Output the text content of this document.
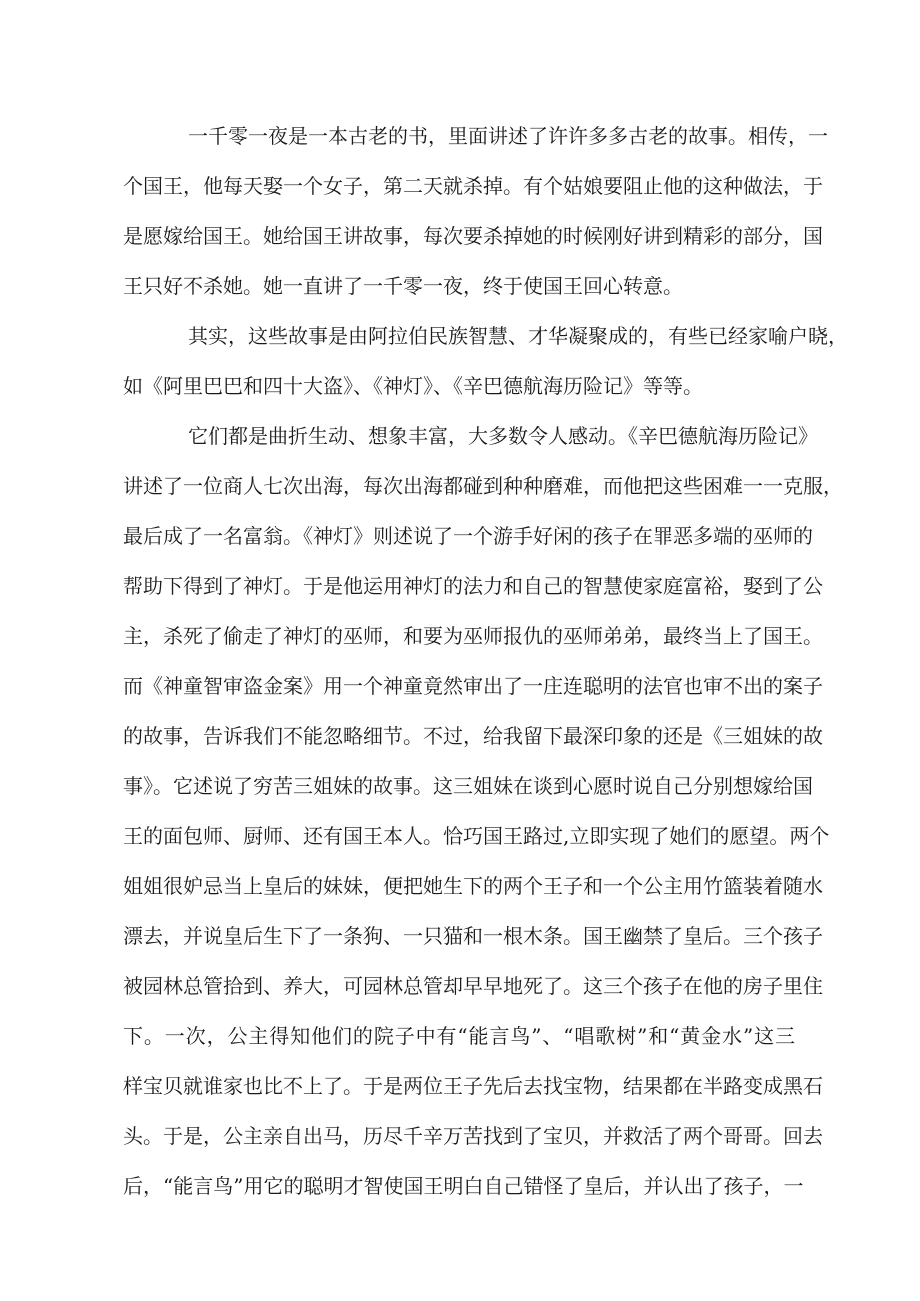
一千零一夜是一本古老的书，里面讲述了许许多多古老的故事。相传，一
个国王，他每天娶一个女子，第二天就杀掉。有个姑娘要阻止他的这种做法，于
是愿嫁给国王。她给国王讲故事，每次要杀掉她的时候刚好讲到精彩的部分，国
王只好不杀她。她一直讲了一千零一夜，终于使国王回心转意。
其实，这些故事是由阿拉伯民族智慧、才华凝聚成的，有些已经家喻户晓，
如《阿里巴巴和四十大盗》、《神灯》、《辛巴德航海历险记》等等。
它们都是曲折生动、想象丰富，大多数令人感动。《辛巴德航海历险记》
讲述了一位商人七次出海，每次出海都碰到种种磨难，而他把这些困难一一克服，
最后成了一名富翁。《神灯》则述说了一个游手好闲的孩子在罪恶多端的巫师的
帮助下得到了神灯。于是他运用神灯的法力和自己的智慧使家庭富裕，娶到了公
主，杀死了偷走了神灯的巫师，和要为巫师报仇的巫师弟弟，最终当上了国王。
而《神童智审盗金案》用一个神童竟然审出了一庄连聪明的法官也审不出的案子
的故事，告诉我们不能忽略细节。不过，给我留下最深印象的还是《三姐妹的故
事》。它述说了穷苦三姐妹的故事。这三姐妹在谈到心愿时说自己分别想嫁给国
王的面包师、厨师、还有国王本人。恰巧国王路过,立即实现了她们的愿望。两个
姐姐很妒忌当上皇后的妹妹，便把她生下的两个王子和一个公主用竹篮装着随水
漂去，并说皇后生下了一条狗、一只猫和一根木条。国王幽禁了皇后。三个孩子
被园林总管拾到、养大，可园林总管却早早地死了。这三个孩子在他的房子里住
下。一次，公主得知他们的院子中有“能言鸟”、“唱歌树”和“黄金水”这三
样宝贝就谁家也比不上了。于是两位王子先后去找宝物，结果都在半路变成黑石
头。于是，公主亲自出马，历尽千辛万苦找到了宝贝，并救活了两个哥哥。回去
后，“能言鸟”用它的聪明才智使国王明白自己错怪了皇后，并认出了孩子，一
